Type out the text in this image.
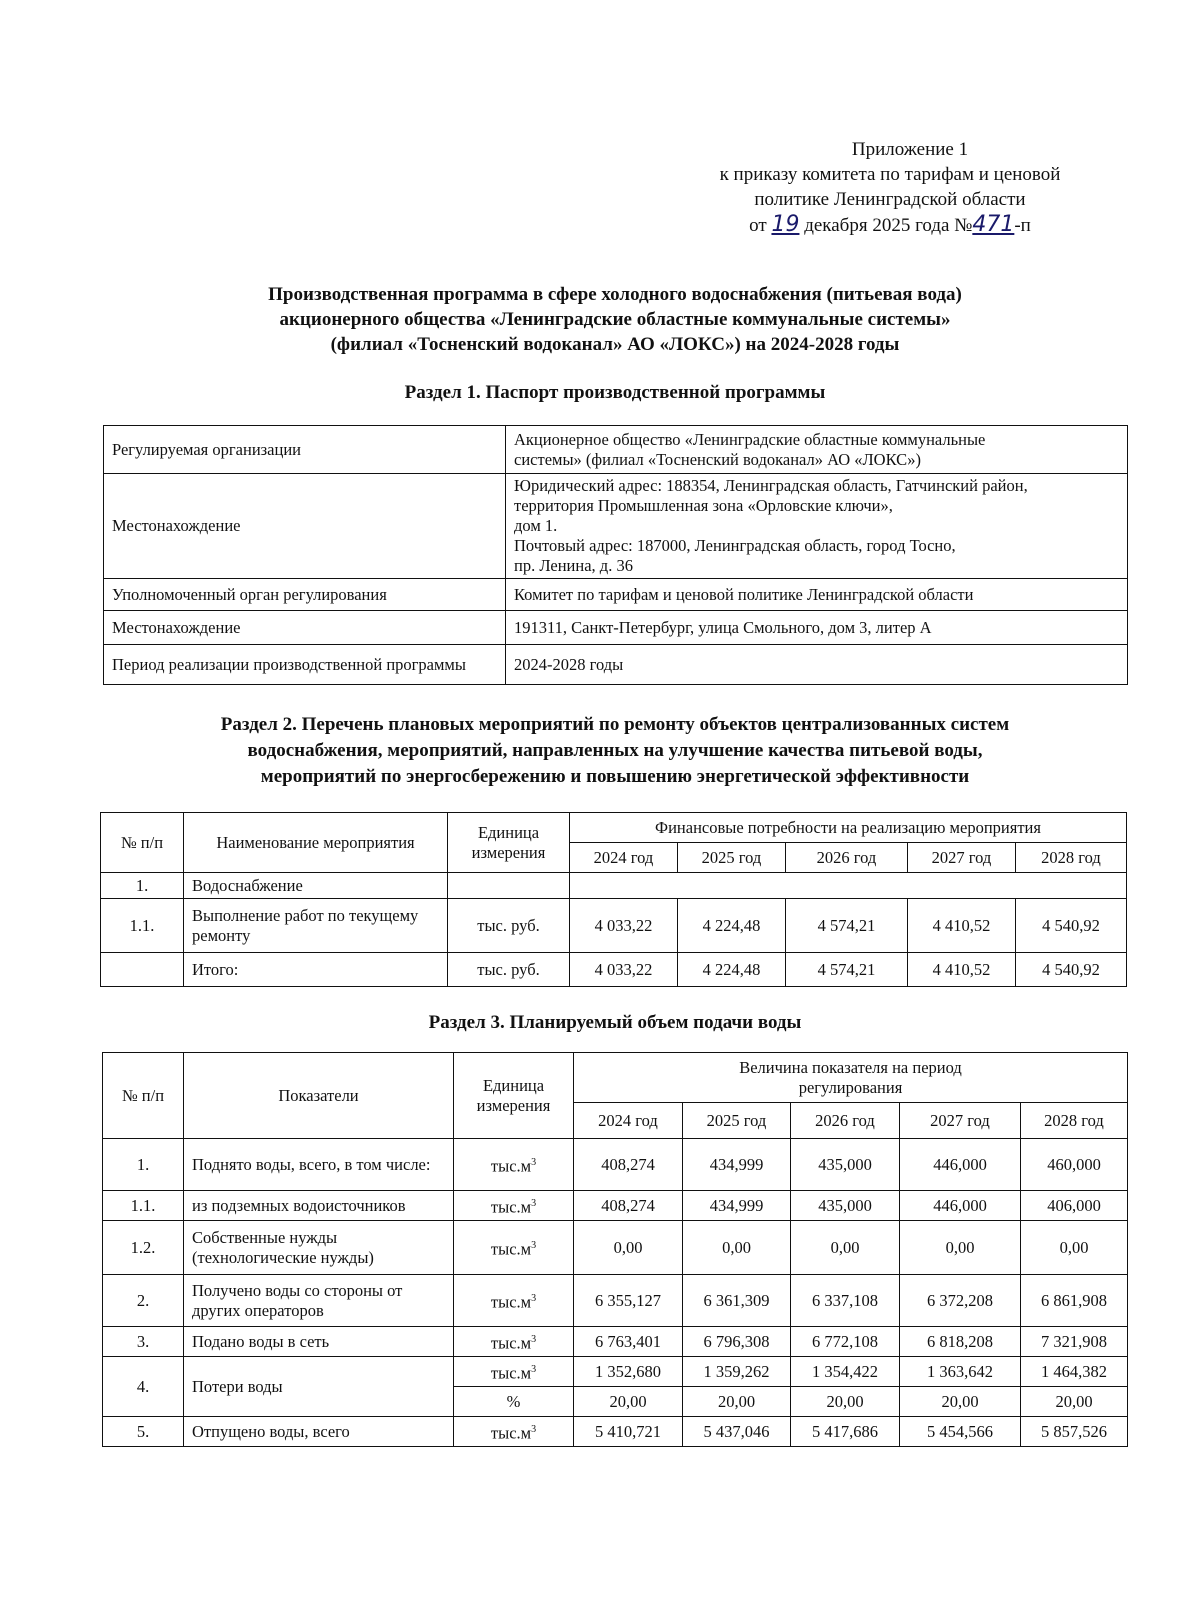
Приложение 1
к приказу комитета по тарифам и ценовой
политике Ленинградской области
от 19 декабря 2025 года №471-п
Производственная программа в сфере холодного водоснабжения (питьевая вода)
акционерного общества «Ленинградские областные коммунальные системы»
(филиал «Тосненский водоканал» АО «ЛОКС») на 2024-2028 годы
Раздел 1. Паспорт производственной программы
Регулируемая организации	Акционерное общество «Ленинградские областные коммунальные
системы» (филиал «Тосненский водоканал» АО «ЛОКС»)

Местонахождение	Юридический адрес: 188354, Ленинградская область, Гатчинский район,
территория Промышленная зона «Орловские ключи»,
дом 1.
Почтовый адрес: 187000, Ленинградская область, город Тосно,
пр. Ленина, д. 36

Уполномоченный орган регулирования	Комитет по тарифам и ценовой политике Ленинградской области

Местонахождение	191311, Санкт-Петербург, улица Смольного, дом 3, литер А

Период реализации производственной программы	2024-2028 годы
Раздел 2. Перечень плановых мероприятий по ремонту объектов централизованных систем
водоснабжения, мероприятий, направленных на улучшение качества питьевой воды,
мероприятий по энергосбережению и повышению энергетической эффективности
№ п/п	Наименование мероприятия	Единица измерения	Финансовые потребности на реализацию мероприятия				
			2024 год	2025 год	2026 год	2027 год	2028 год
1.	Водоснабжение						
1.1.	Выполнение работ по текущему ремонту	тыс. руб.	4 033,22	4 224,48	4 574,21	4 410,52	4 540,92
	Итого:	тыс. руб.	4 033,22	4 224,48	4 574,21	4 410,52	4 540,92
Раздел 3. Планируемый объем подачи воды
№ п/п	Показатели	Единица измерения	Величина показателя на период регулирования				
			2024 год	2025 год	2026 год	2027 год	2028 год
1.	Поднято воды, всего, в том числе:	$тыс.м^3$	408,274	434,999	435,000	446,000	460,000
1.1.	из подземных водоисточников	$тыс.м^3$	408,274	434,999	435,000	446,000	406,000
1.2.	Собственные нужды (технологические нужды)	$тыс.м^3$	0,00	0,00	0,00	0,00	0,00
2.	Получено воды со стороны от других операторов	$тыс.м^3$	6 355,127	6 361,309	6 337,108	6 372,208	6 861,908
3.	Подано воды в сеть	$тыс.м^3$	6 763,401	6 796,308	6 772,108	6 818,208	7 321,908
4.	Потери воды	$тыс.м^3$	1 352,680	1 359,262	1 354,422	1 363,642	1 464,382
		%	20,00	20,00	20,00	20,00	20,00
5.	Отпущено воды, всего	$тыс.м^3$	5 410,721	5 437,046	5 417,686	5 454,566	5 857,526
